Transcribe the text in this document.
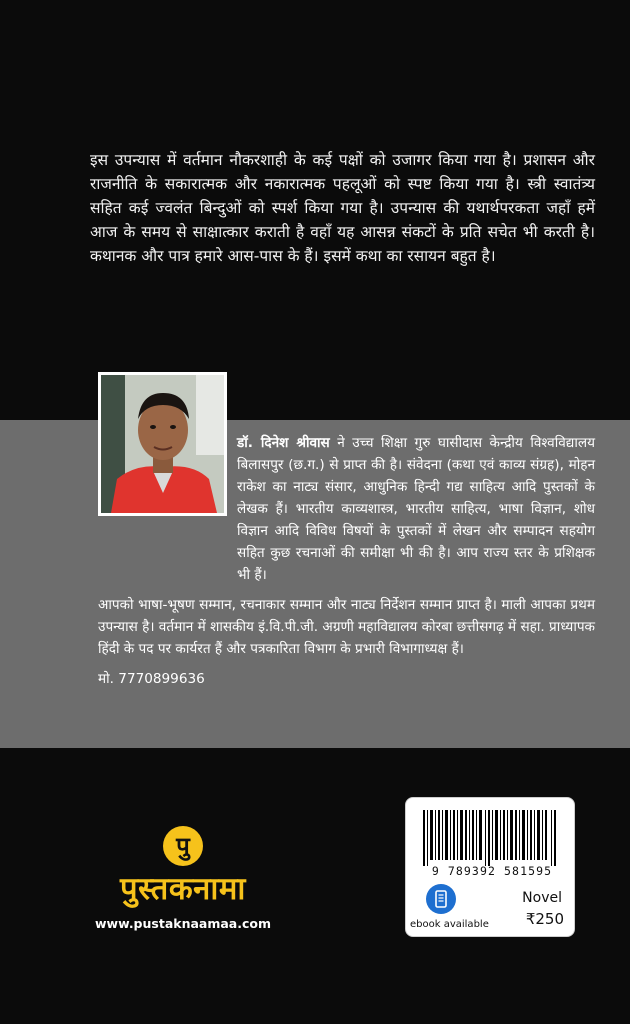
इस उपन्यास में वर्तमान नौकरशाही के कई पक्षों को उजागर किया गया है। प्रशासन और राजनीति के सकारात्मक और नकारात्मक पहलूओं को स्पष्ट किया गया है। स्त्री स्वातंत्र्य सहित कई ज्वलंत बिन्दुओं को स्पर्श किया गया है। उपन्यास की यथार्थपरकता जहाँ हमें आज के समय से साक्षात्कार कराती है वहाँ यह आसन्न संकटों के प्रति सचेत भी करती है। कथानक और पात्र हमारे आस-पास के हैं। इसमें कथा का रसायन बहुत है।

डॉ. दिनेश श्रीवास ने उच्च शिक्षा गुरु घासीदास केन्द्रीय विश्वविद्यालय बिलासपुर (छ.ग.) से प्राप्त की है। संवेदना (कथा एवं काव्य संग्रह), मोहन राकेश का नाट्य संसार, आधुनिक हिन्दी गद्य साहित्य आदि पुस्तकों के लेखक हैं। भारतीय काव्यशास्त्र, भारतीय साहित्य, भाषा विज्ञान, शोध विज्ञान आदि विविध विषयों के पुस्तकों में लेखन और सम्पादन सहयोग सहित कुछ रचनाओं की समीक्षा भी की है। आप राज्य स्तर के प्रशिक्षक भी हैं।

आपको भाषा-भूषण सम्मान, रचनाकार सम्मान और नाट्य निर्देशन सम्मान प्राप्त है। माली आपका प्रथम उपन्यास है। वर्तमान में शासकीय इं.वि.पी.जी. अग्रणी महाविद्यालय कोरबा छत्तीसगढ़ में सहा. प्राध्यापक हिंदी के पद पर कार्यरत हैं और पत्रकारिता विभाग के प्रभारी विभागाध्यक्ष हैं।

मो. 7770899636

पु
पुस्तकनामा
www.pustaknaamaa.com
9 789392 581595
ebook available
Novel
₹250
